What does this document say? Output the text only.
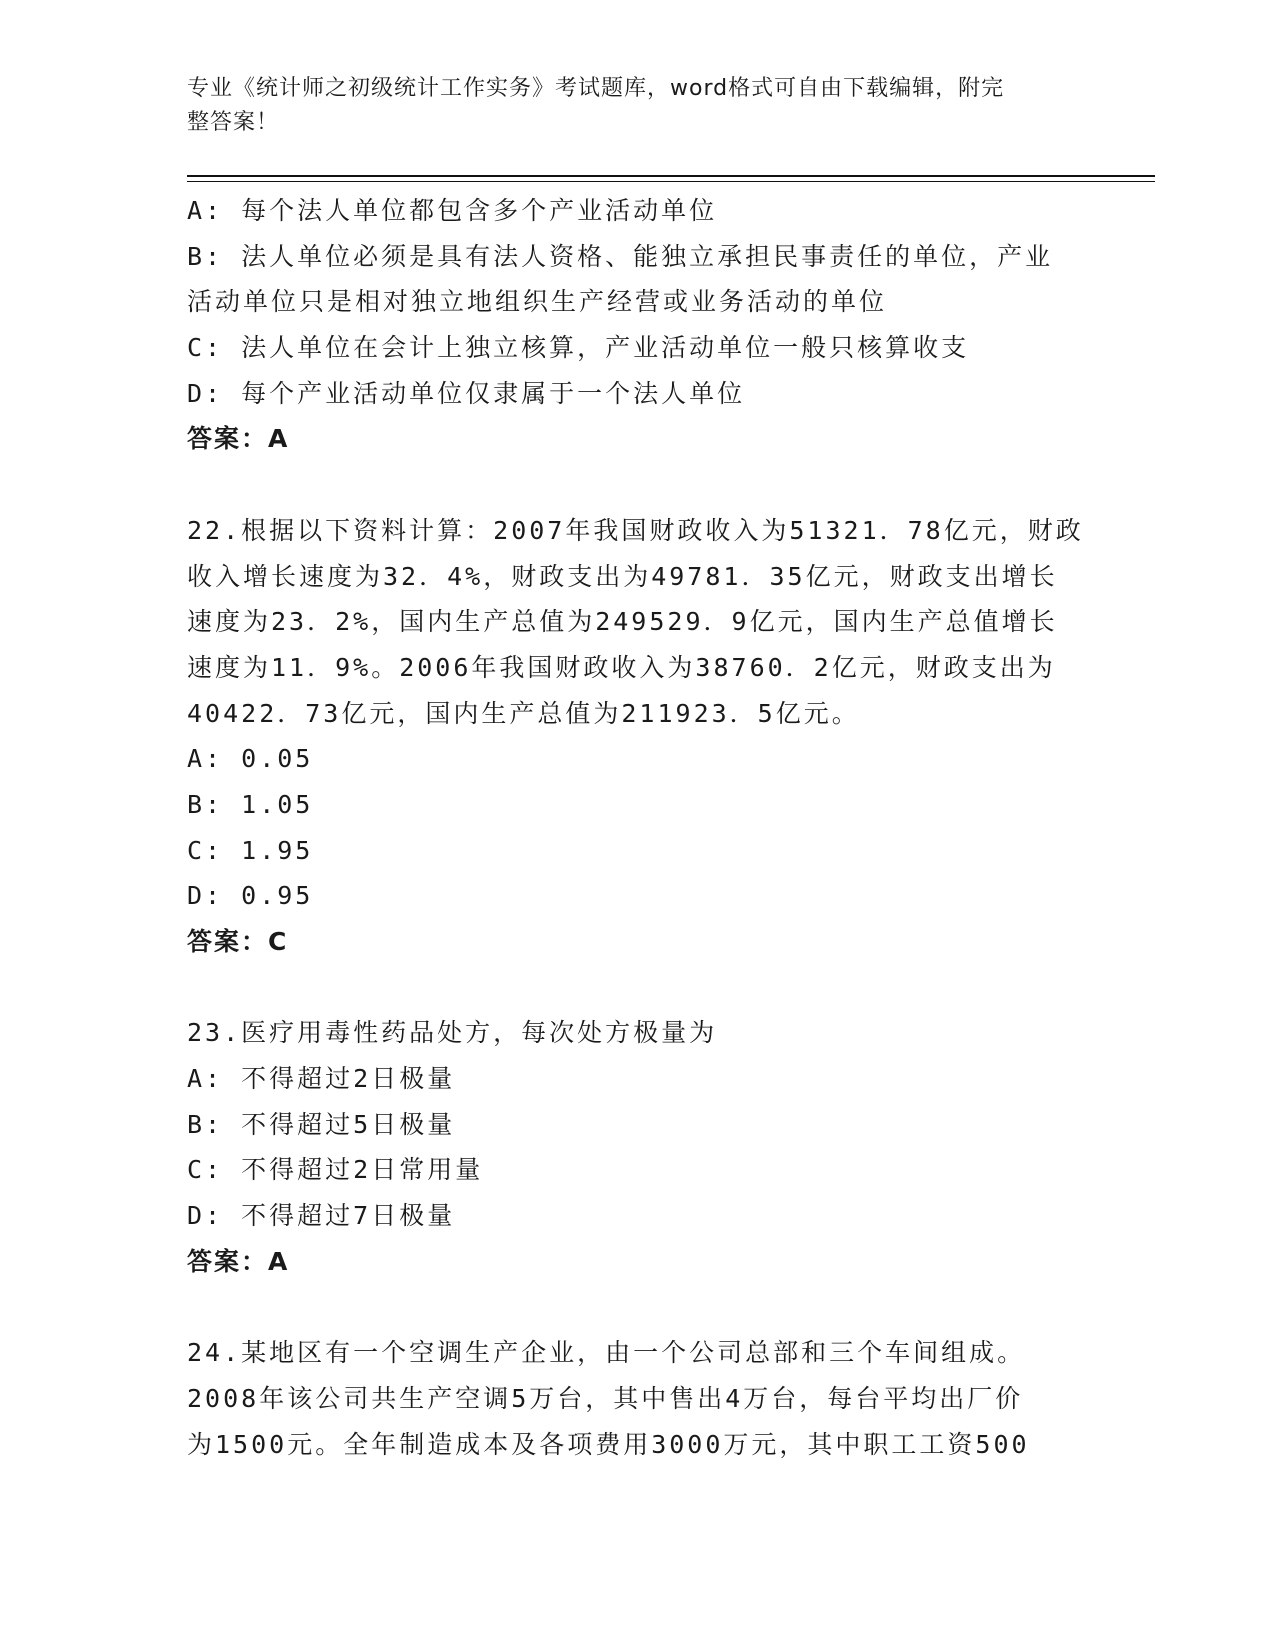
专业《统计师之初级统计工作实务》考试题库，word格式可自由下载编辑，附完
整答案！
A: 每个法人单位都包含多个产业活动单位
B: 法人单位必须是具有法人资格、能独立承担民事责任的单位，产业
活动单位只是相对独立地组织生产经营或业务活动的单位
C: 法人单位在会计上独立核算，产业活动单位一般只核算收支
D: 每个产业活动单位仅隶属于一个法人单位
答案：A
22.根据以下资料计算：2007年我国财政收入为51321．78亿元，财政
收入增长速度为32．4%，财政支出为49781．35亿元，财政支出增长
速度为23．2%，国内生产总值为249529．9亿元，国内生产总值增长
速度为11．9%。2006年我国财政收入为38760．2亿元，财政支出为
40422．73亿元，国内生产总值为211923．5亿元。
A: 0.05
B: 1.05
C: 1.95
D: 0.95
答案：C
23.医疗用毒性药品处方，每次处方极量为
A: 不得超过2日极量
B: 不得超过5日极量
C: 不得超过2日常用量
D: 不得超过7日极量
答案：A
24.某地区有一个空调生产企业，由一个公司总部和三个车间组成。
2008年该公司共生产空调5万台，其中售出4万台，每台平均出厂价
为1500元。全年制造成本及各项费用3000万元，其中职工工资500
